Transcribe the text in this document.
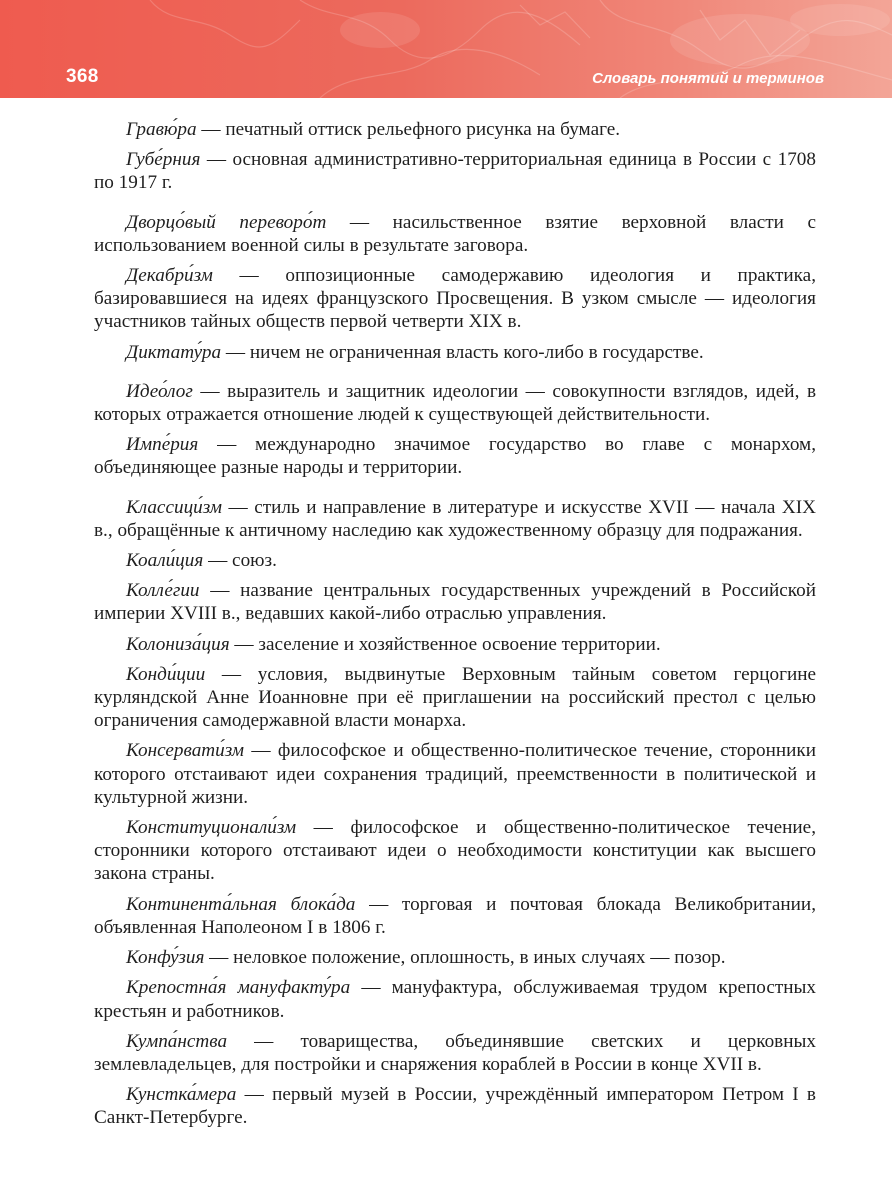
368	Словарь понятий и терминов

Гравю́ра — печатный оттиск рельефного рисунка на бумаге.

Губе́рния — основная административно-территориальная единица в России с 1708 по 1917 г.

Дворцо́вый переворо́т — насильственное взятие верховной власти с использованием военной силы в результате заговора.

Декабри́зм — оппозиционные самодержавию идеология и практика, базировавшиеся на идеях французского Просвещения. В узком смысле — идеология участников тайных обществ первой четверти XIX в.

Диктату́ра — ничем не ограниченная власть кого-либо в государстве.

Идео́лог — выразитель и защитник идеологии — совокупности взглядов, идей, в которых отражается отношение людей к существующей действительности.

Импе́рия — международно значимое государство во главе с монархом, объединяющее разные народы и территории.

Классици́зм — стиль и направление в литературе и искусстве XVII — начала XIX в., обращённые к античному наследию как художественному образцу для подражания.

Коали́ция — союз.

Колле́гии — название центральных государственных учреждений в Российской империи XVIII в., ведавших какой-либо отраслью управления.

Колониза́ция — заселение и хозяйственное освоение территории.

Конди́ции — условия, выдвинутые Верховным тайным советом герцогине курляндской Анне Иоанновне при её приглашении на российский престол с целью ограничения самодержавной власти монарха.

Консервати́зм — философское и общественно-политическое течение, сторонники которого отстаивают идеи сохранения традиций, преемственности в политической и культурной жизни.

Конституционали́зм — философское и общественно-политическое течение, сторонники которого отстаивают идеи о необходимости конституции как высшего закона страны.

Континента́льная блока́да — торговая и почтовая блокада Великобритании, объявленная Наполеоном I в 1806 г.

Конфу́зия — неловкое положение, оплошность, в иных случаях — позор.

Крепостна́я мануфакту́ра — мануфактура, обслуживаемая трудом крепостных крестьян и работников.

Кумпа́нства — товарищества, объединявшие светских и церковных землевладельцев, для постройки и снаряжения кораблей в России в конце XVII в.

Кунстка́мера — первый музей в России, учреждённый императором Петром I в Санкт-Петербурге.
